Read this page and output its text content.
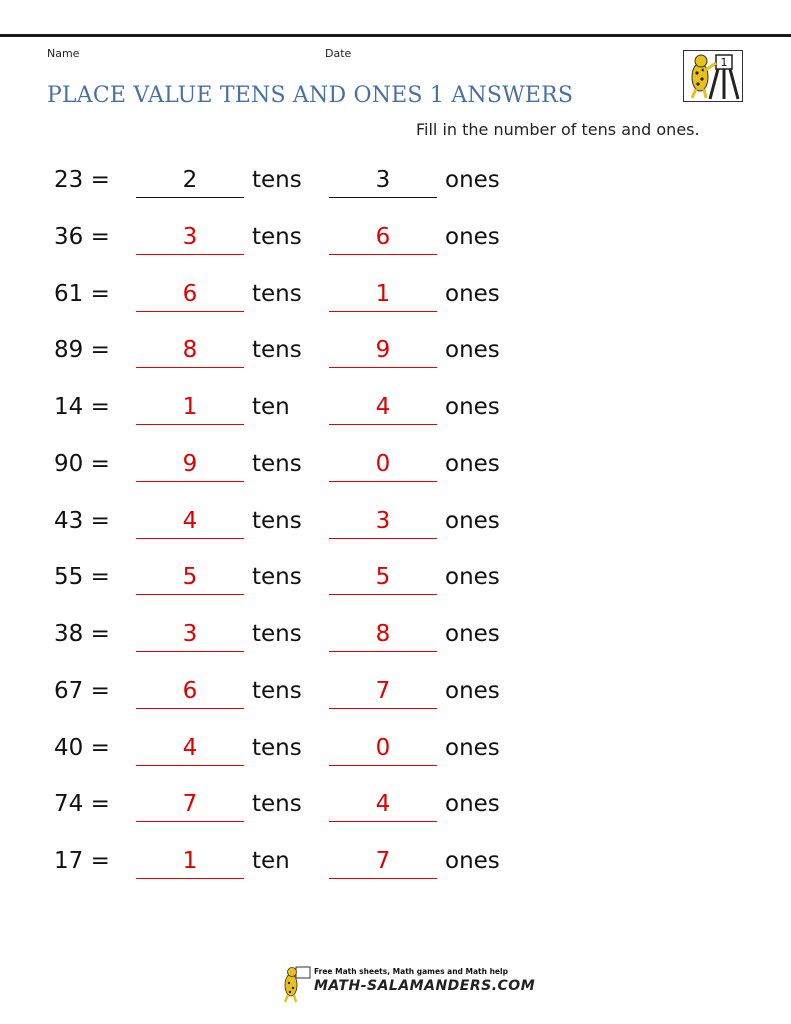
Name	Date
1
PLACE VALUE TENS AND ONES 1 ANSWERS
Fill in the number of tens and ones.
23 =	2	tens	3	ones
36 =	3	tens	6	ones
61 =	6	tens	1	ones
89 =	8	tens	9	ones
14 =	1	ten	4	ones
90 =	9	tens	0	ones
43 =	4	tens	3	ones
55 =	5	tens	5	ones
38 =	3	tens	8	ones
67 =	6	tens	7	ones
40 =	4	tens	0	ones
74 =	7	tens	4	ones
17 =	1	ten	7	ones
Free Math sheets, Math games and Math help
MATH-SALAMANDERS.COM
